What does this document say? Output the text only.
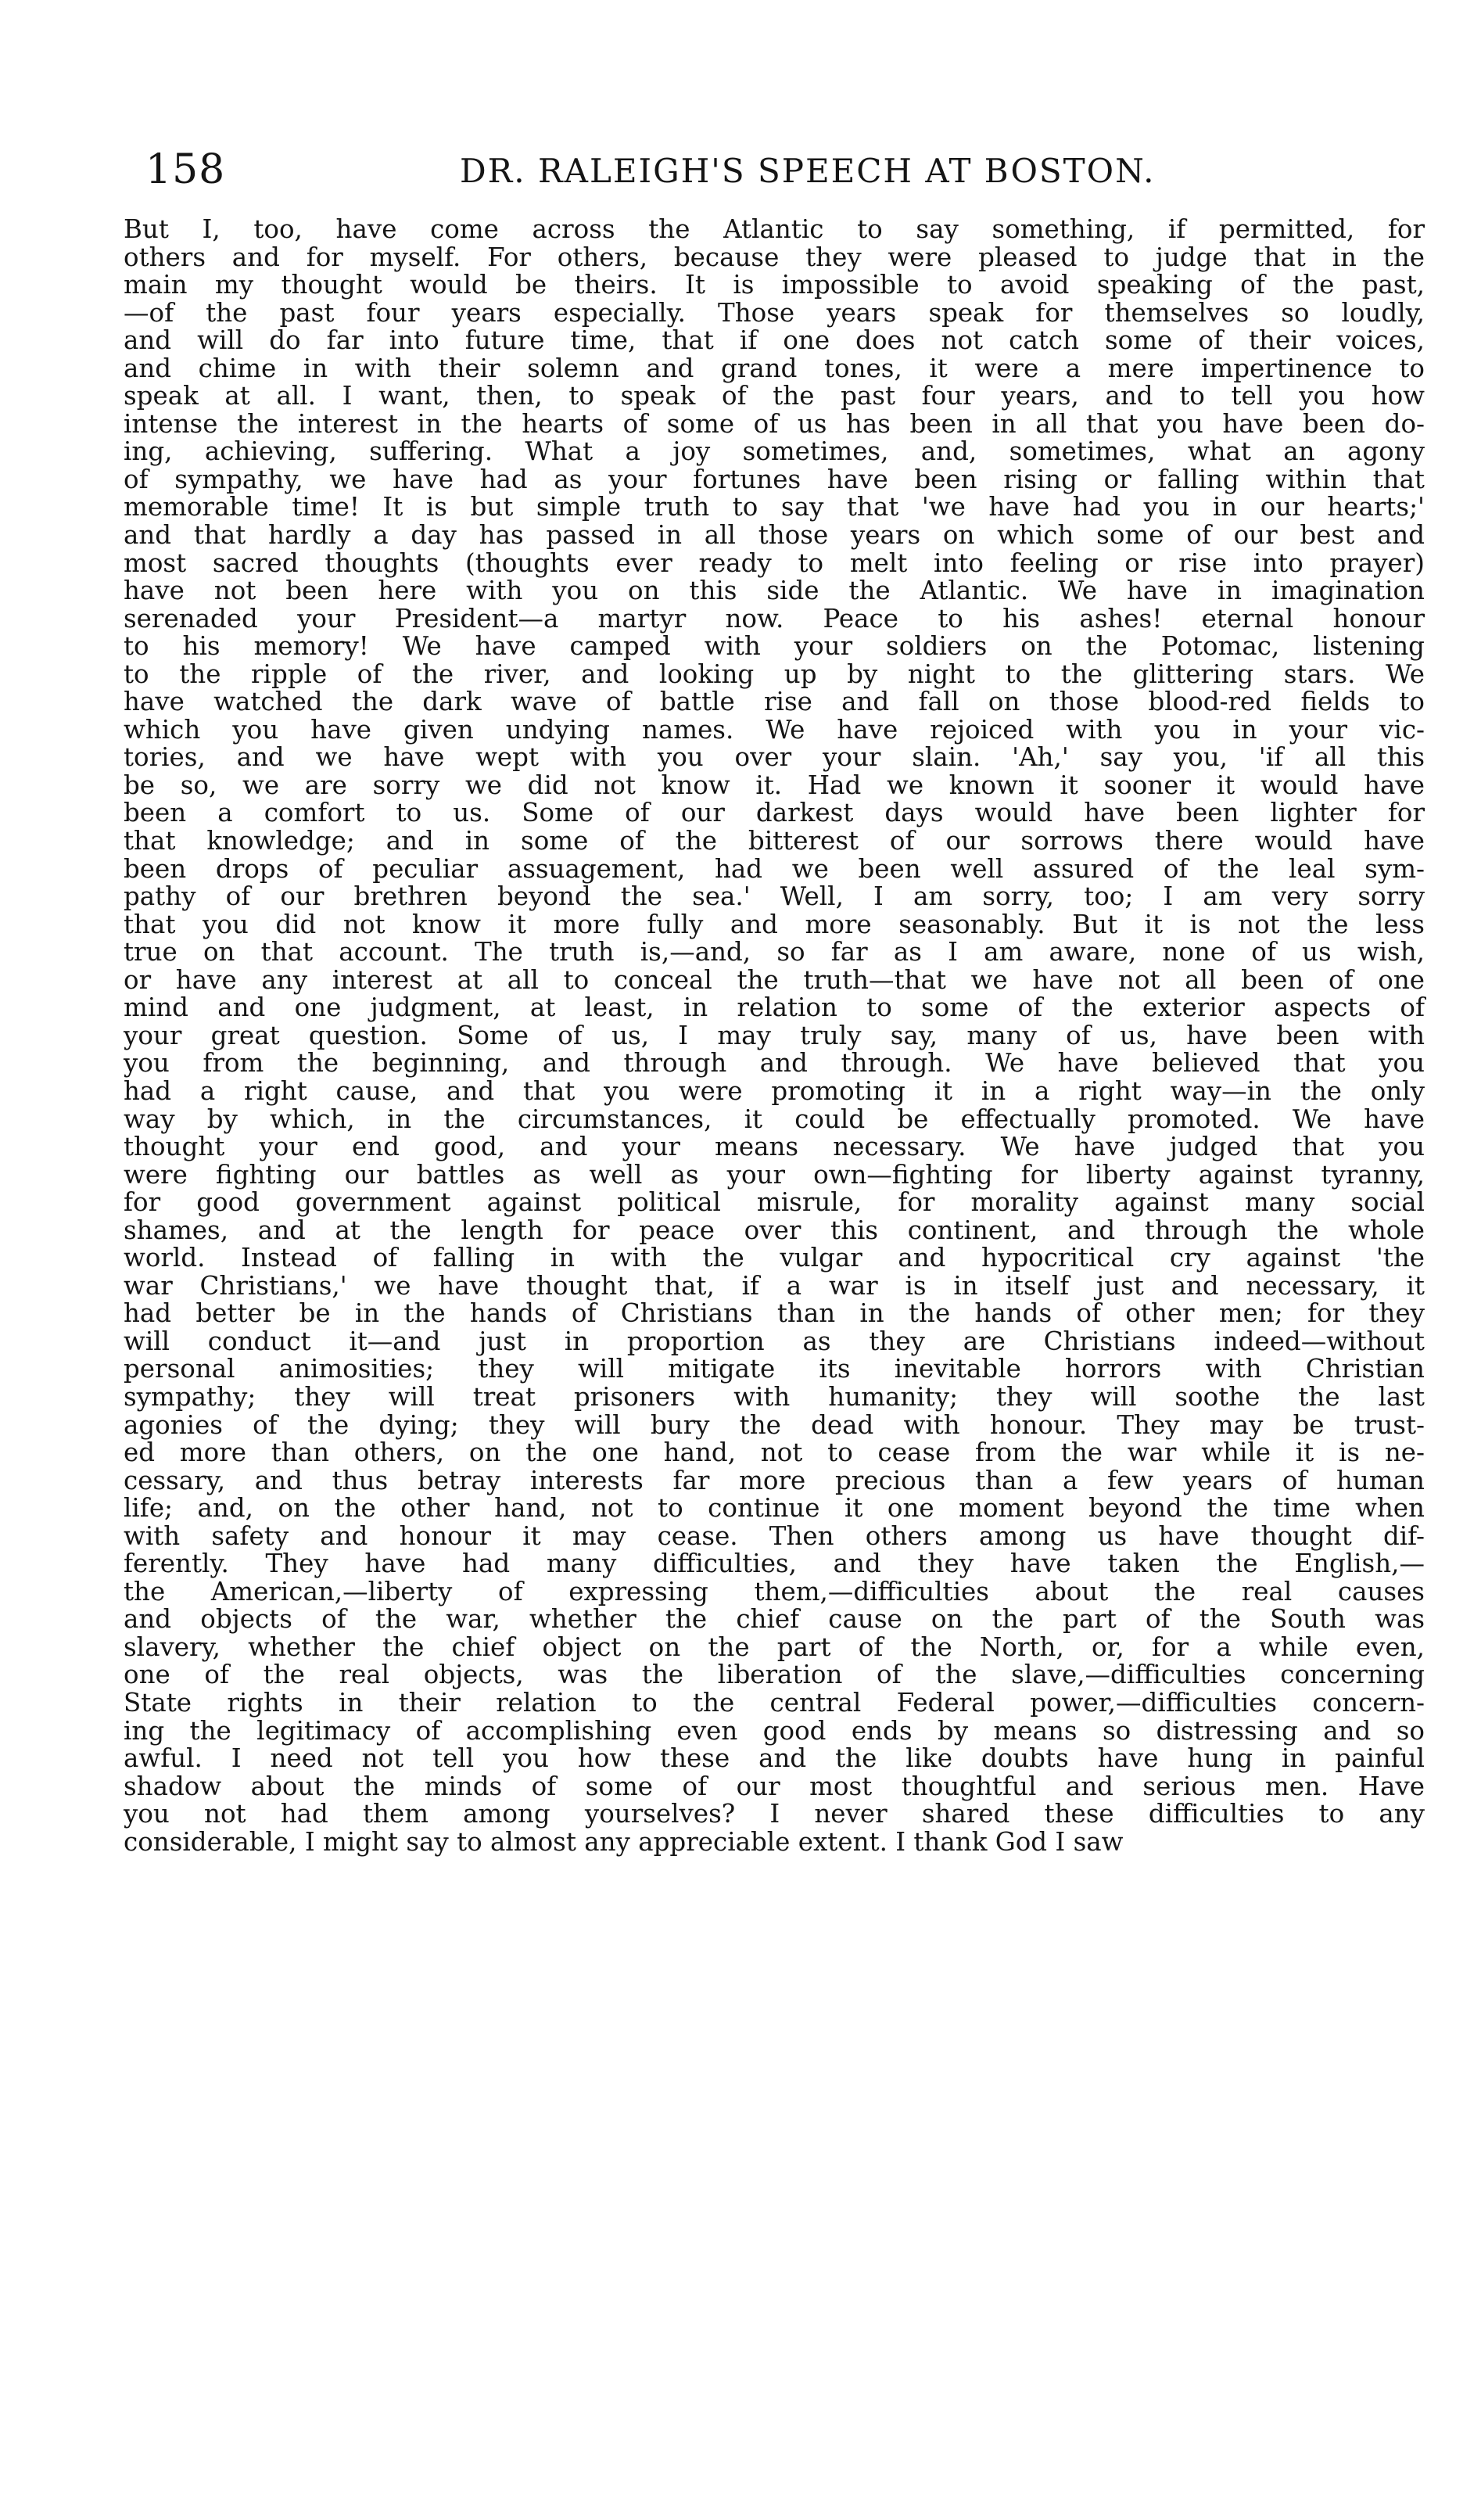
158	DR. RALEIGH'S SPEECH AT BOSTON.
But I, too, have come across the Atlantic to say something, if permitted, for
others and for myself. For others, because they were pleased to judge that in the
main my thought would be theirs. It is impossible to avoid speaking of the past,
—of the past four years especially. Those years speak for themselves so loudly,
and will do far into future time, that if one does not catch some of their voices,
and chime in with their solemn and grand tones, it were a mere impertinence to
speak at all. I want, then, to speak of the past four years, and to tell you how
intense the interest in the hearts of some of us has been in all that you have been do-
ing, achieving, suffering. What a joy sometimes, and, sometimes, what an agony
of sympathy, we have had as your fortunes have been rising or falling within that
memorable time! It is but simple truth to say that 'we have had you in our hearts;'
and that hardly a day has passed in all those years on which some of our best and
most sacred thoughts (thoughts ever ready to melt into feeling or rise into prayer)
have not been here with you on this side the Atlantic. We have in imagination
serenaded your President—a martyr now. Peace to his ashes! eternal honour
to his memory! We have camped with your soldiers on the Potomac, listening
to the ripple of the river, and looking up by night to the glittering stars. We
have watched the dark wave of battle rise and fall on those blood-red fields to
which you have given undying names. We have rejoiced with you in your vic-
tories, and we have wept with you over your slain. 'Ah,' say you, 'if all this
be so, we are sorry we did not know it. Had we known it sooner it would have
been a comfort to us. Some of our darkest days would have been lighter for
that knowledge; and in some of the bitterest of our sorrows there would have
been drops of peculiar assuagement, had we been well assured of the leal sym-
pathy of our brethren beyond the sea.' Well, I am sorry, too; I am very sorry
that you did not know it more fully and more seasonably. But it is not the less
true on that account. The truth is,—and, so far as I am aware, none of us wish,
or have any interest at all to conceal the truth—that we have not all been of one
mind and one judgment, at least, in relation to some of the exterior aspects of
your great question. Some of us, I may truly say, many of us, have been with
you from the beginning, and through and through. We have believed that you
had a right cause, and that you were promoting it in a right way—in the only
way by which, in the circumstances, it could be effectually promoted. We have
thought your end good, and your means necessary. We have judged that you
were fighting our battles as well as your own—fighting for liberty against tyranny,
for good government against political misrule, for morality against many social
shames, and at the length for peace over this continent, and through the whole
world. Instead of falling in with the vulgar and hypocritical cry against 'the
war Christians,' we have thought that, if a war is in itself just and necessary, it
had better be in the hands of Christians than in the hands of other men; for they
will conduct it—and just in proportion as they are Christians indeed—without
personal animosities; they will mitigate its inevitable horrors with Christian
sympathy; they will treat prisoners with humanity; they will soothe the last
agonies of the dying; they will bury the dead with honour. They may be trust-
ed more than others, on the one hand, not to cease from the war while it is ne-
cessary, and thus betray interests far more precious than a few years of human
life; and, on the other hand, not to continue it one moment beyond the time when
with safety and honour it may cease. Then others among us have thought dif-
ferently. They have had many difficulties, and they have taken the English,—
the American,—liberty of expressing them,—difficulties about the real causes
and objects of the war, whether the chief cause on the part of the South was
slavery, whether the chief object on the part of the North, or, for a while even,
one of the real objects, was the liberation of the slave,—difficulties concerning
State rights in their relation to the central Federal power,—difficulties concern-
ing the legitimacy of accomplishing even good ends by means so distressing and so
awful. I need not tell you how these and the like doubts have hung in painful
shadow about the minds of some of our most thoughtful and serious men. Have
you not had them among yourselves? I never shared these difficulties to any
considerable, I might say to almost any appreciable extent. I thank God I saw
